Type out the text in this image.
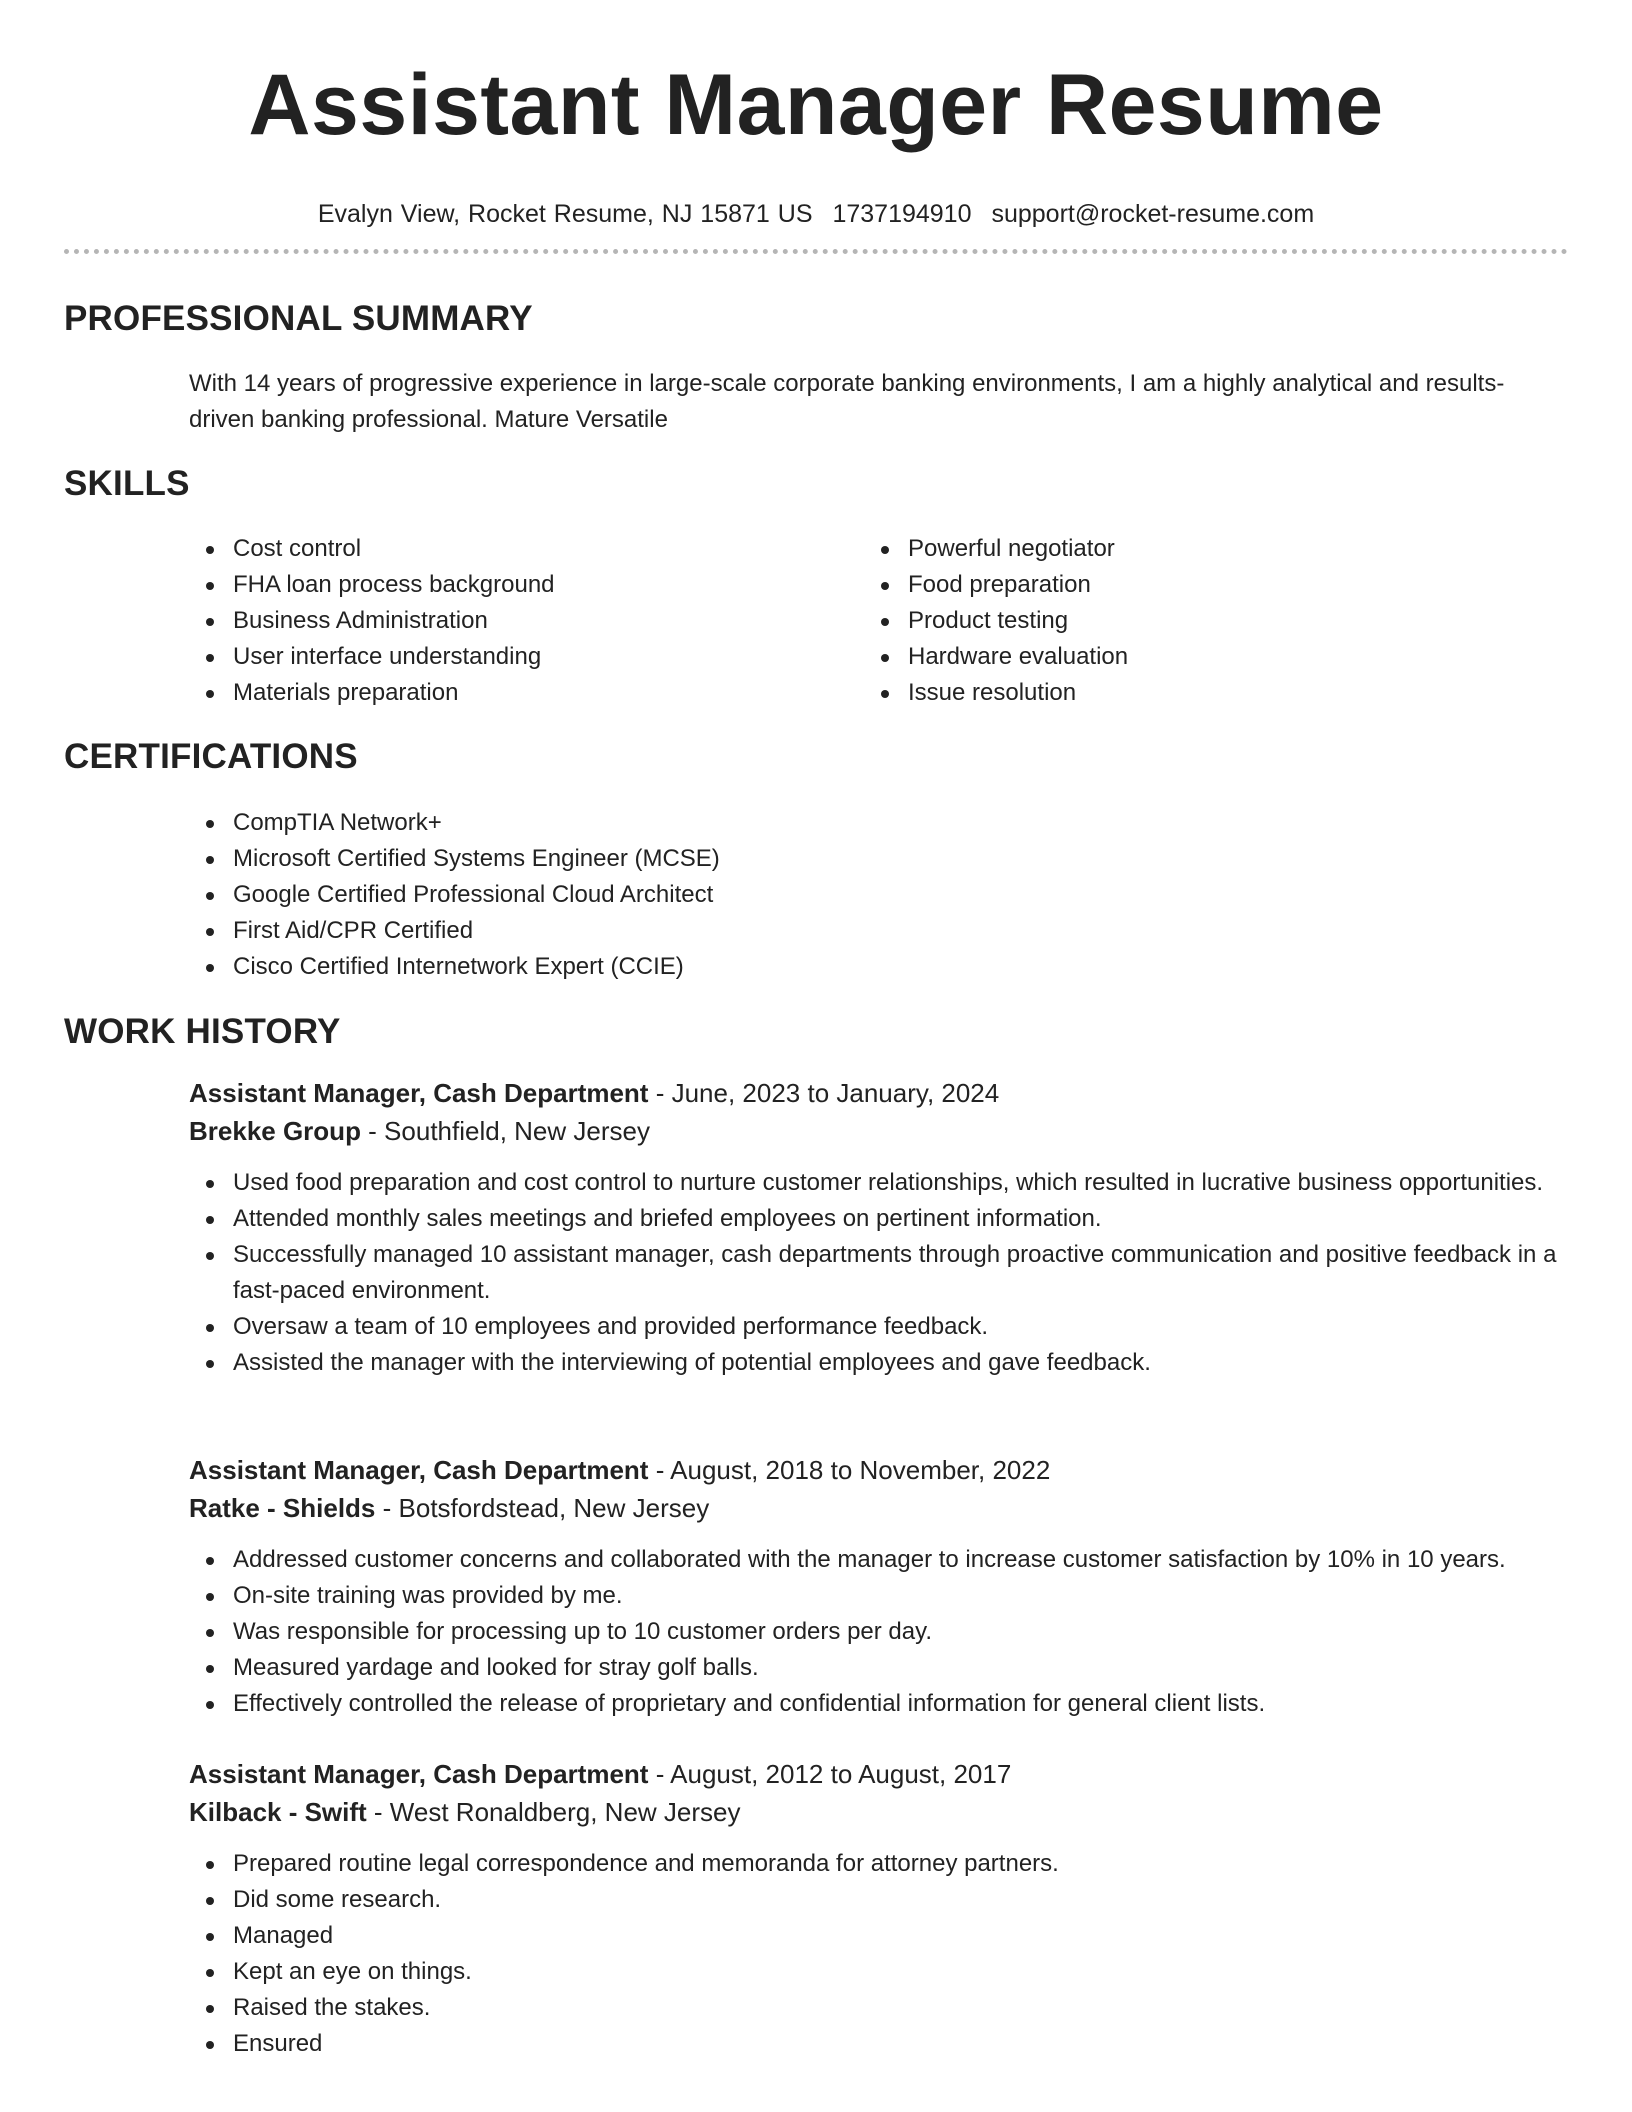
Assistant Manager Resume
Evalyn View, Rocket Resume, NJ 15871 US 1737194910 support@rocket-resume.com
PROFESSIONAL SUMMARY
With 14 years of progressive experience in large-scale corporate banking environments, I am a highly analytical and results-driven banking professional. Mature Versatile
SKILLS
Cost control
FHA loan process background
Business Administration
User interface understanding
Materials preparation
Powerful negotiator
Food preparation
Product testing
Hardware evaluation
Issue resolution
CERTIFICATIONS
CompTIA Network+
Microsoft Certified Systems Engineer (MCSE)
Google Certified Professional Cloud Architect
First Aid/CPR Certified
Cisco Certified Internetwork Expert (CCIE)
WORK HISTORY
Assistant Manager, Cash Department - June, 2023 to January, 2024
Brekke Group - Southfield, New Jersey
Used food preparation and cost control to nurture customer relationships, which resulted in lucrative business opportunities.
Attended monthly sales meetings and briefed employees on pertinent information.
Successfully managed 10 assistant manager, cash departments through proactive communication and positive feedback in a fast-paced environment.
Oversaw a team of 10 employees and provided performance feedback.
Assisted the manager with the interviewing of potential employees and gave feedback.
Assistant Manager, Cash Department - August, 2018 to November, 2022
Ratke - Shields - Botsfordstead, New Jersey
Addressed customer concerns and collaborated with the manager to increase customer satisfaction by 10% in 10 years.
On-site training was provided by me.
Was responsible for processing up to 10 customer orders per day.
Measured yardage and looked for stray golf balls.
Effectively controlled the release of proprietary and confidential information for general client lists.
Assistant Manager, Cash Department - August, 2012 to August, 2017
Kilback - Swift - West Ronaldberg, New Jersey
Prepared routine legal correspondence and memoranda for attorney partners.
Did some research.
Managed
Kept an eye on things.
Raised the stakes.
Ensured
